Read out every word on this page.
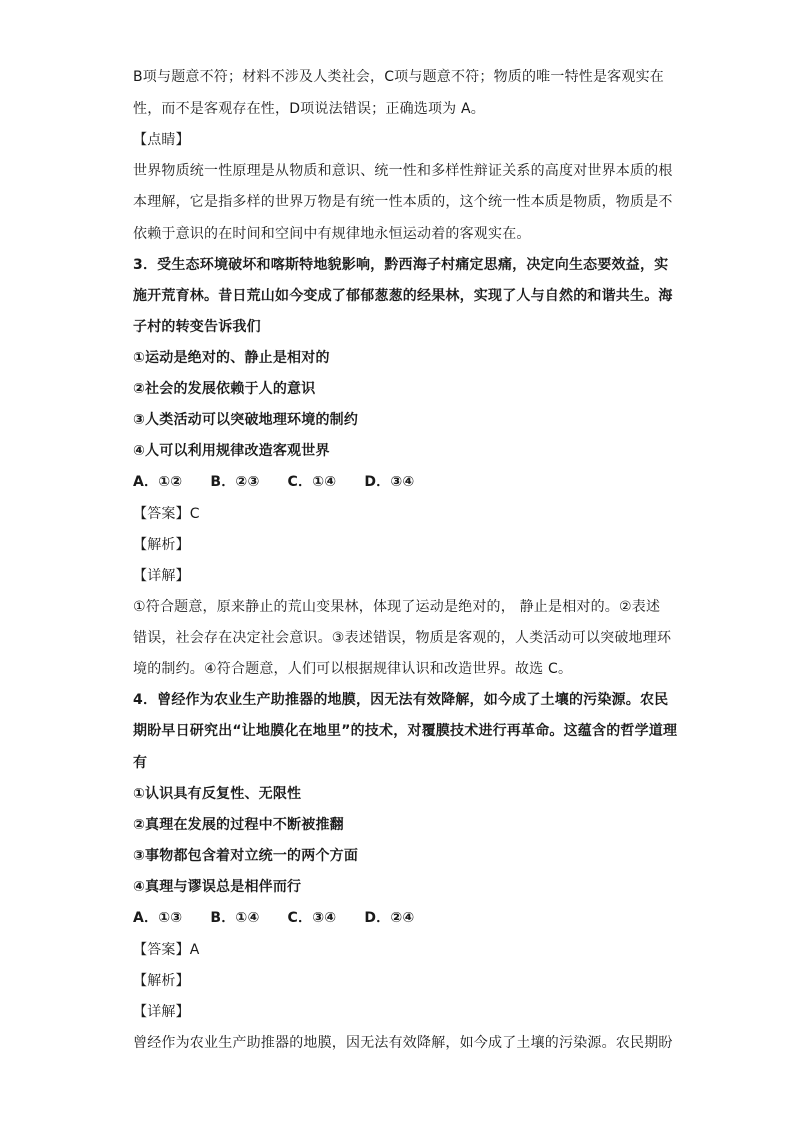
B项与题意不符；材料不涉及人类社会，C项与题意不符；物质的唯一特性是客观实在
性，而不是客观存在性，D项说法错误；正确选项为 A。
【点睛】
世界物质统一性原理是从物质和意识、统一性和多样性辩证关系的高度对世界本质的根
本理解，它是指多样的世界万物是有统一性本质的，这个统一性本质是物质，物质是不
依赖于意识的在时间和空间中有规律地永恒运动着的客观实在。
3．受生态环境破坏和喀斯特地貌影响，黔西海子村痛定思痛，决定向生态要效益，实
施开荒育林。昔日荒山如今变成了郁郁葱葱的经果林，实现了人与自然的和谐共生。海
子村的转变告诉我们
①运动是绝对的、静止是相对的
②社会的发展依赖于人的意识
③人类活动可以突破地理环境的制约
④人可以利用规律改造客观世界
A．①② B．②③ C．①④ D．③④
【答案】C
【解析】
【详解】
①符合题意，原来静止的荒山变果林，体现了运动是绝对的， 静止是相对的。②表述
错误，社会存在决定社会意识。③表述错误，物质是客观的，人类活动可以突破地理环
境的制约。④符合题意，人们可以根据规律认识和改造世界。故选 C。
4．曾经作为农业生产助推器的地膜，因无法有效降解，如今成了土壤的污染源。农民
期盼早日研究出“让地膜化在地里”的技术，对覆膜技术进行再革命。这蕴含的哲学道理
有
①认识具有反复性、无限性
②真理在发展的过程中不断被推翻
③事物都包含着对立统一的两个方面
④真理与谬误总是相伴而行
A．①③ B．①④ C．③④ D．②④
【答案】A
【解析】
【详解】
曾经作为农业生产助推器的地膜，因无法有效降解，如今成了土壤的污染源。农民期盼
